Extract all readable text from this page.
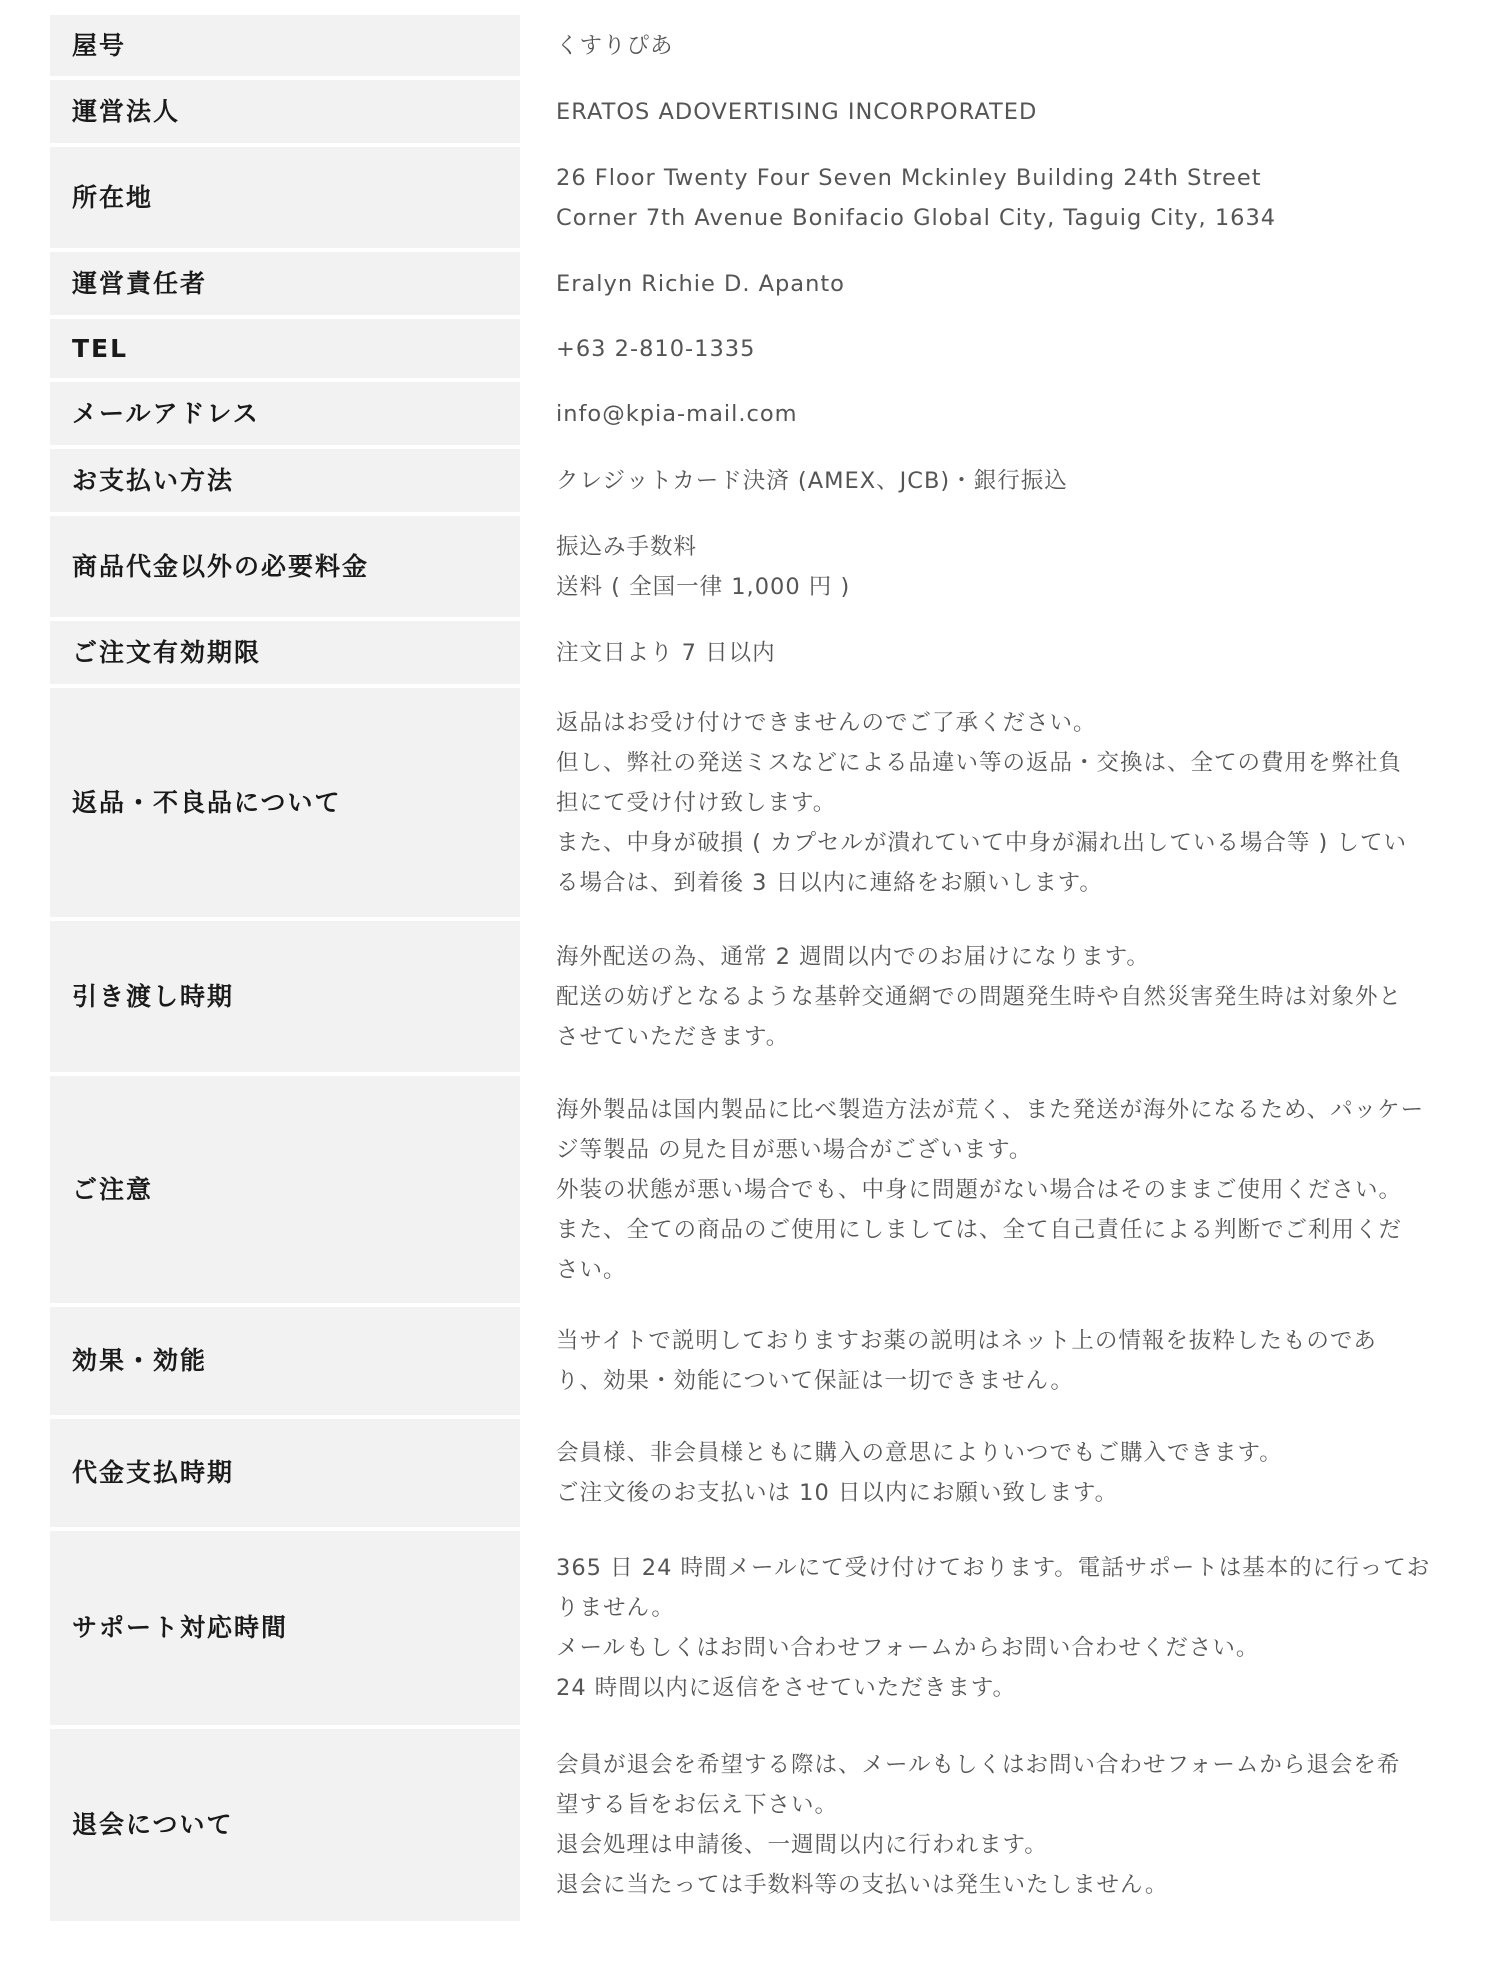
屋号	くすりぴあ

運営法人	ERATOS ADOVERTISING INCORPORATED

所在地	26 Floor Twenty Four Seven Mckinley Building 24th Street
Corner 7th Avenue Bonifacio Global City, Taguig City, 1634

運営責任者	Eralyn Richie D. Apanto

TEL	+63 2-810-1335

メールアドレス	info@kpia-mail.com

お支払い方法	クレジットカード決済 (AMEX、JCB)・銀行振込

商品代金以外の必要料金	振込み手数料
送料 ( 全国一律 1,000 円 )

ご注文有効期限	注文日より 7 日以内

返品・不良品について	返品はお受け付けできませんのでご了承ください。
但し、弊社の発送ミスなどによる品違い等の返品・交換は、全ての費用を弊社負
担にて受け付け致します。
また、中身が破損 ( カプセルが潰れていて中身が漏れ出している場合等 ) してい
る場合は、到着後 3 日以内に連絡をお願いします。

引き渡し時期	海外配送の為、通常 2 週間以内でのお届けになります。
配送の妨げとなるような基幹交通網での問題発生時や自然災害発生時は対象外と
させていただきます。

ご注意	海外製品は国内製品に比べ製造方法が荒く、また発送が海外になるため、パッケー
ジ等製品 の見た目が悪い場合がございます。
外装の状態が悪い場合でも、中身に問題がない場合はそのままご使用ください。
また、全ての商品のご使用にしましては、全て自己責任による判断でご利用くだ
さい。

効果・効能	当サイトで説明しておりますお薬の説明はネット上の情報を抜粋したものであ
り、効果・効能について保証は一切できません。

代金支払時期	会員様、非会員様ともに購入の意思によりいつでもご購入できます。
ご注文後のお支払いは 10 日以内にお願い致します。

サポート対応時間	365 日 24 時間メールにて受け付けております。電話サポートは基本的に行ってお
りません。
メールもしくはお問い合わせフォームからお問い合わせください。
24 時間以内に返信をさせていただきます。

退会について	会員が退会を希望する際は、メールもしくはお問い合わせフォームから退会を希
望する旨をお伝え下さい。
退会処理は申請後、一週間以内に行われます。
退会に当たっては手数料等の支払いは発生いたしません。
